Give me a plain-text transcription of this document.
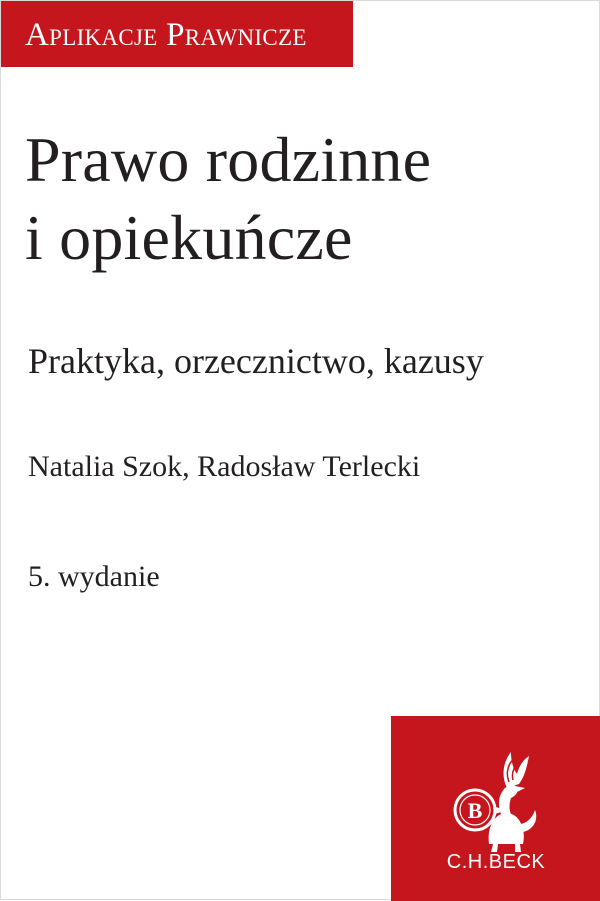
Aplikacje Prawnicze
Prawo rodzinne
i opiekuńcze
Praktyka, orzecznictwo, kazusy
Natalia Szok, Radosław Terlecki
5. wydanie
B
C.H.BECK
